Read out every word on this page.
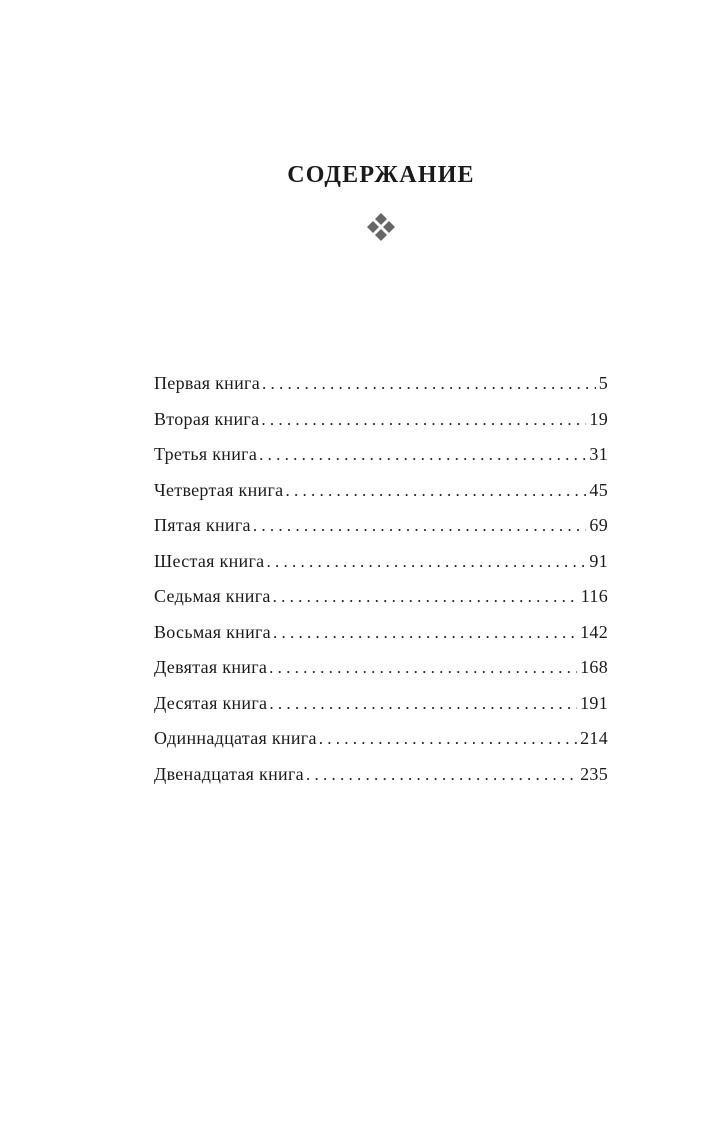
СОДЕРЖАНИЕ
Первая книга . . .	5
Вторая книга . . .	19
Третья книга . . .	31
Четвертая книга . . .	45
Пятая книга . . .	69
Шестая книга . . .	91
Седьмая книга . . .	116
Восьмая книга . . .	142
Девятая книга . . .	168
Десятая книга . . .	191
Одиннадцатая книга . . .	214
Двенадцатая книга . . .	235
